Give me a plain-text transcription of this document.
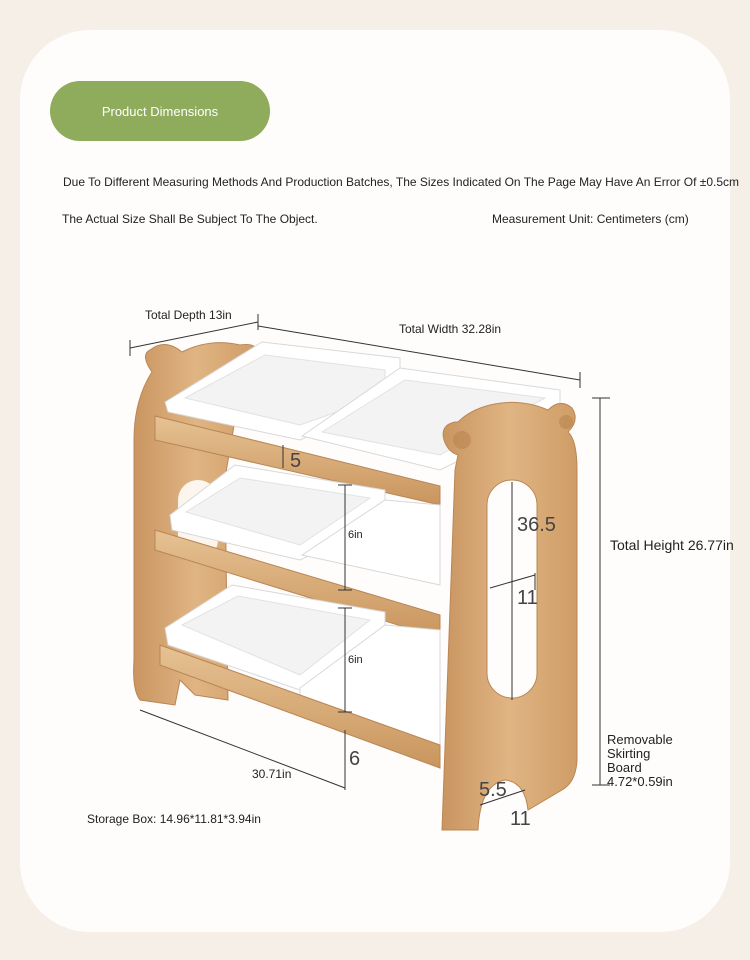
Product Dimensions
Due To Different Measuring Methods And Production Batches, The Sizes Indicated On The Page May Have An Error Of ±0.5cm
The Actual Size Shall Be Subject To The Object.	Measurement Unit: Centimeters (cm)
Total Depth 13in
Total Width 32.28in
Total Height 26.77in
30.71in
Storage Box: 14.96*11.81*3.94in
Removable
Skirting
Board
4.72*0.59in
6in
6in
5
36.5
11
6
5.5
11
